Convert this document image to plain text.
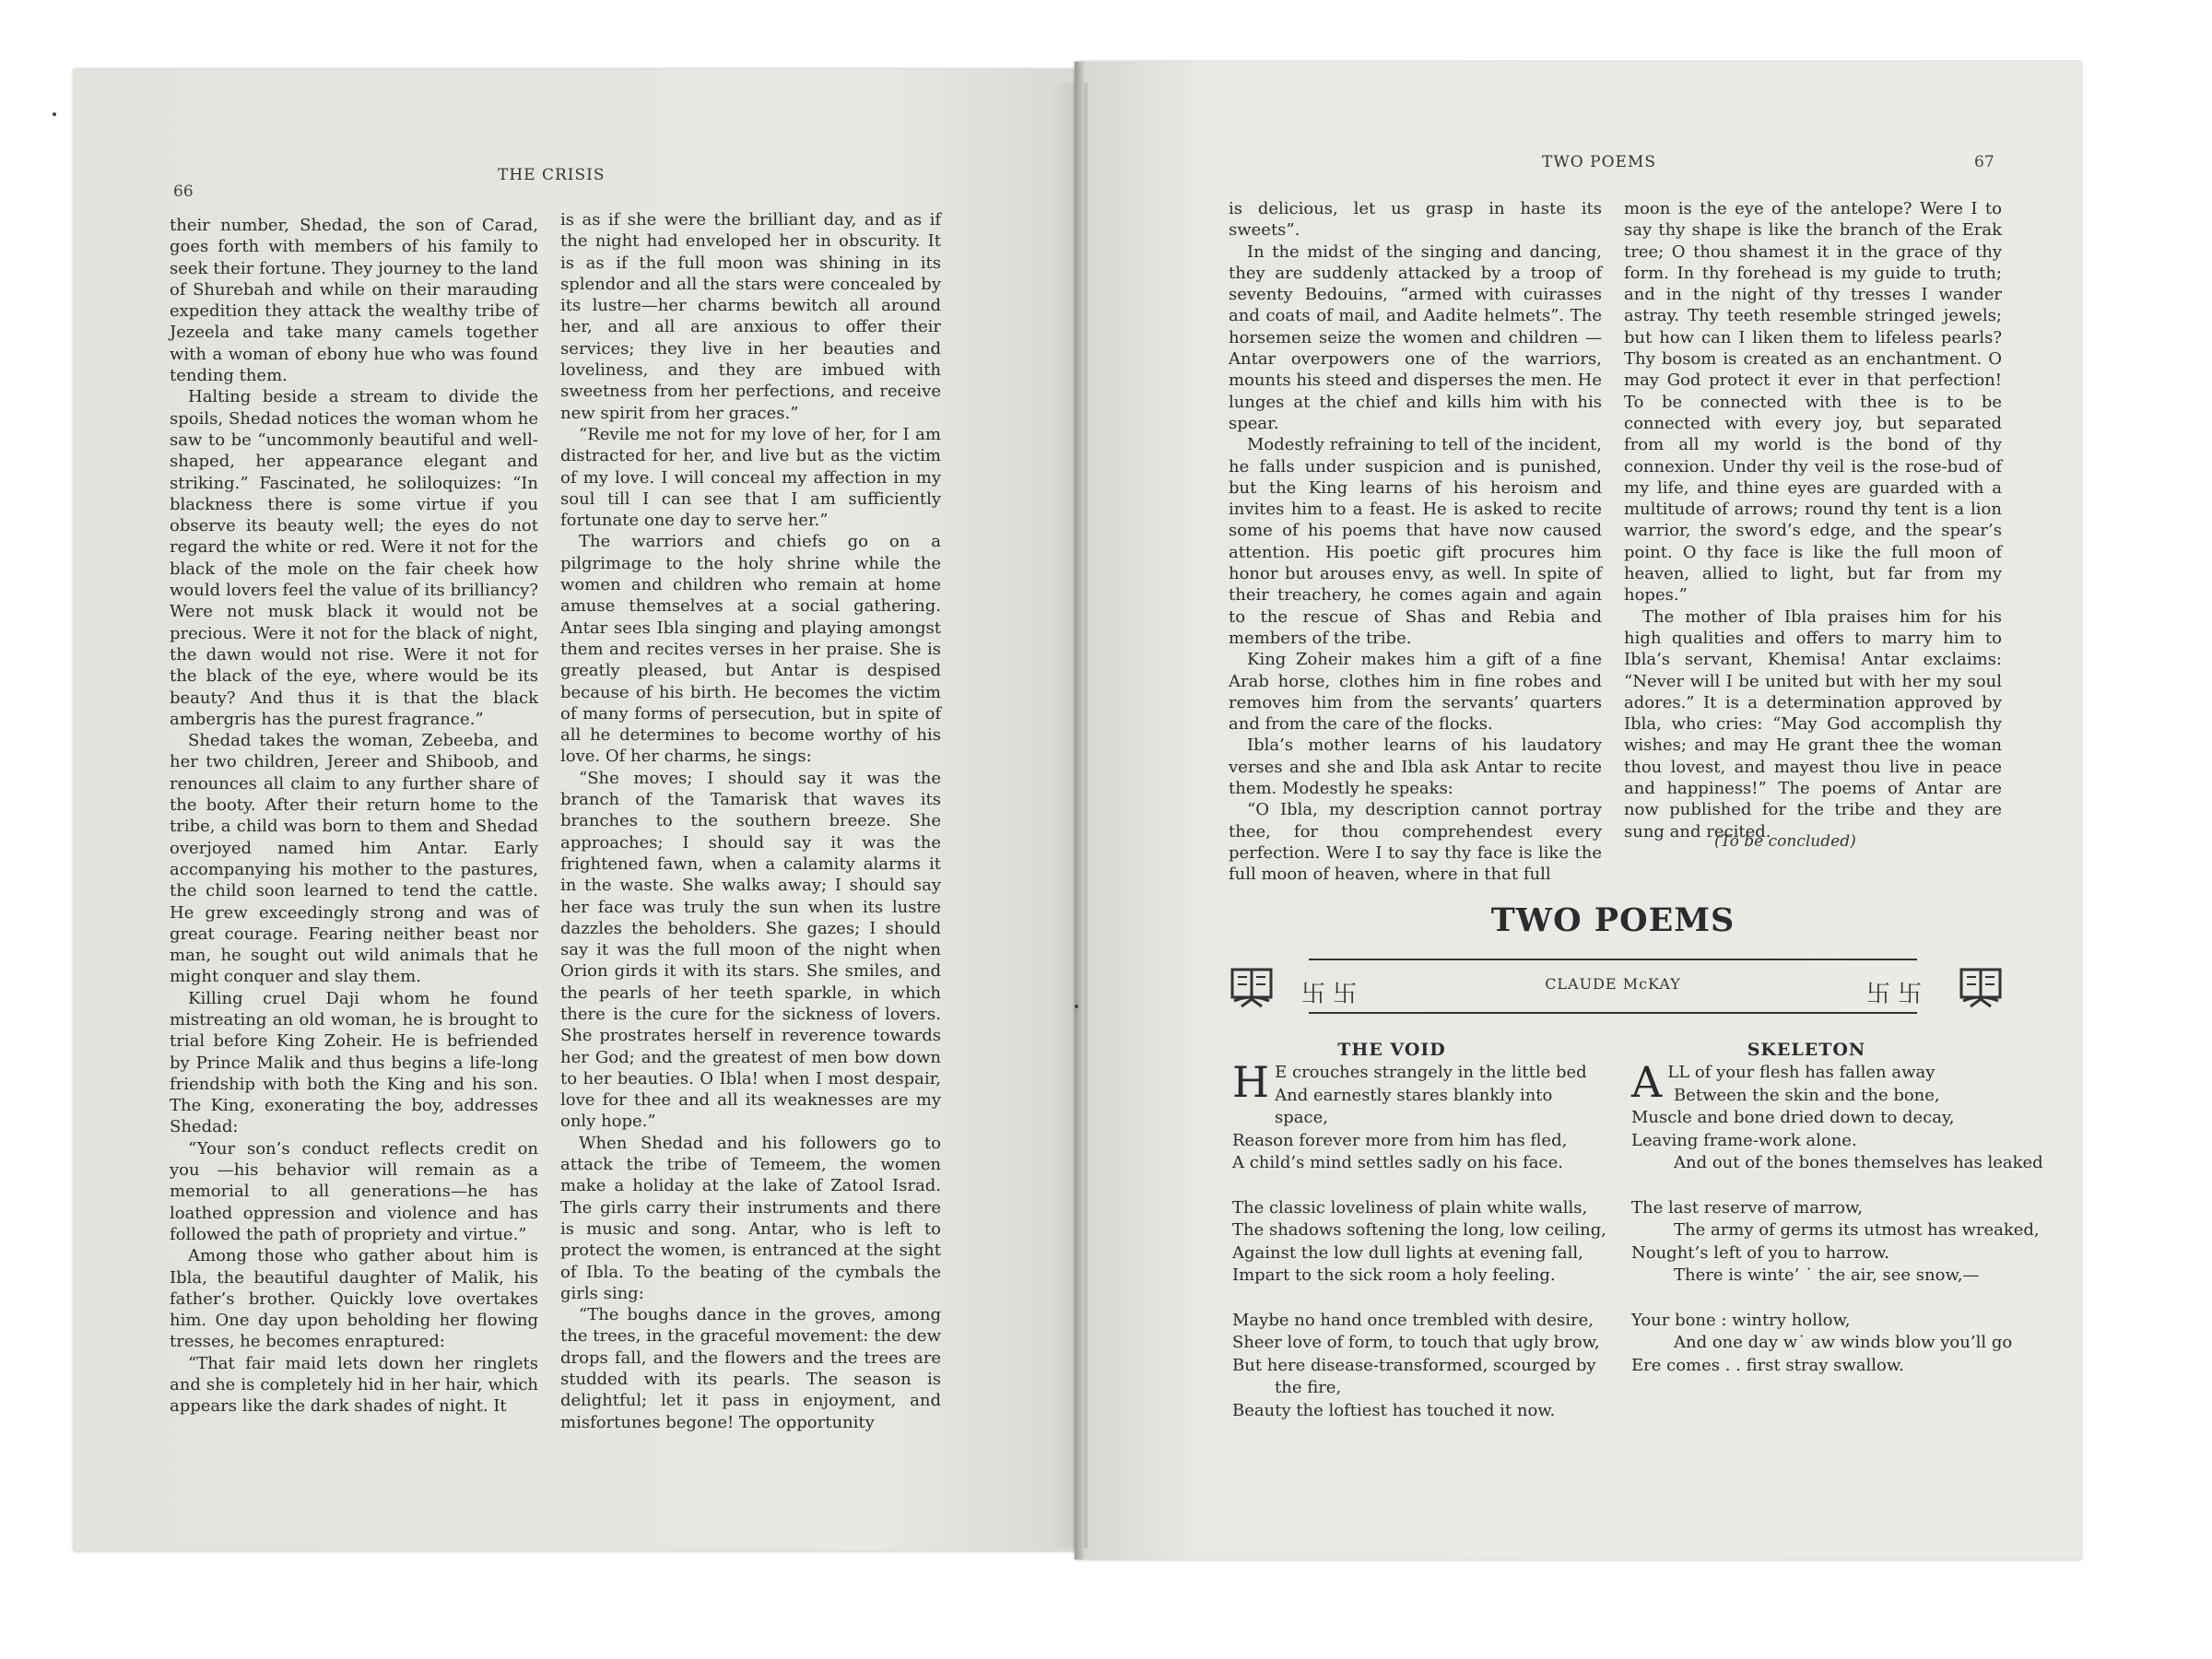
66
THE CRISIS

their number, Shedad, the son of Carad, goes forth with members of his family to seek their fortune. They journey to the land of Shurebah and while on their marauding expedition they attack the wealthy tribe of Jezeela and take many camels together with a woman of ebony hue who was found tending them.

Halting beside a stream to divide the spoils, Shedad notices the woman whom he saw to be “uncommonly beautiful and well-shaped, her appearance elegant and striking.” Fascinated, he soliloquizes: “In blackness there is some virtue if you observe its beauty well; the eyes do not regard the white or red. Were it not for the black of the mole on the fair cheek how would lovers feel the value of its brilliancy? Were not musk black it would not be precious. Were it not for the black of night, the dawn would not rise. Were it not for the black of the eye, where would be its beauty? And thus it is that the black ambergris has the purest fragrance.”

Shedad takes the woman, Zebeeba, and her two children, Jereer and Shiboob, and renounces all claim to any further share of the booty. After their return home to the tribe, a child was born to them and Shedad overjoyed named him Antar. Early accompanying his mother to the pastures, the child soon learned to tend the cattle. He grew exceedingly strong and was of great courage. Fearing neither beast nor man, he sought out wild animals that he might conquer and slay them.

Killing cruel Daji whom he found mistreating an old woman, he is brought to trial before King Zoheir. He is befriended by Prince Malik and thus begins a life-long friendship with both the King and his son. The King, exonerating the boy, addresses Shedad:

“Your son’s conduct reflects credit on you —his behavior will remain as a memorial to all generations—he has loathed oppression and violence and has followed the path of propriety and virtue.”

Among those who gather about him is Ibla, the beautiful daughter of Malik, his father’s brother. Quickly love overtakes him. One day upon beholding her flowing tresses, he becomes enraptured:

“That fair maid lets down her ringlets and she is completely hid in her hair, which appears like the dark shades of night. It

is as if she were the brilliant day, and as if the night had enveloped her in obscurity. It is as if the full moon was shining in its splendor and all the stars were concealed by its lustre—her charms bewitch all around her, and all are anxious to offer their services; they live in her beauties and loveliness, and they are imbued with sweetness from her perfections, and receive new spirit from her graces.”

“Revile me not for my love of her, for I am distracted for her, and live but as the victim of my love. I will conceal my affection in my soul till I can see that I am sufficiently fortunate one day to serve her.”

The warriors and chiefs go on a pilgrimage to the holy shrine while the women and children who remain at home amuse themselves at a social gathering. Antar sees Ibla singing and playing amongst them and recites verses in her praise. She is greatly pleased, but Antar is despised because of his birth. He becomes the victim of many forms of persecution, but in spite of all he determines to become worthy of his love. Of her charms, he sings:

“She moves; I should say it was the branch of the Tamarisk that waves its branches to the southern breeze. She approaches; I should say it was the frightened fawn, when a calamity alarms it in the waste. She walks away; I should say her face was truly the sun when its lustre dazzles the beholders. She gazes; I should say it was the full moon of the night when Orion girds it with its stars. She smiles, and the pearls of her teeth sparkle, in which there is the cure for the sickness of lovers. She prostrates herself in reverence towards her God; and the greatest of men bow down to her beauties. O Ibla! when I most despair, love for thee and all its weaknesses are my only hope.”

When Shedad and his followers go to attack the tribe of Temeem, the women make a holiday at the lake of Zatool Israd. The girls carry their instruments and there is music and song. Antar, who is left to protect the women, is entranced at the sight of Ibla. To the beating of the cymbals the girls sing:

“The boughs dance in the groves, among the trees, in the graceful movement: the dew drops fall, and the flowers and the trees are studded with its pearls. The season is delightful; let it pass in enjoyment, and misfortunes begone! The opportunity

TWO POEMS	67

is delicious, let us grasp in haste its sweets”.

In the midst of the singing and dancing, they are suddenly attacked by a troop of seventy Bedouins, “armed with cuirasses and coats of mail, and Aadite helmets”. The horsemen seize the women and children —Antar overpowers one of the warriors, mounts his steed and disperses the men. He lunges at the chief and kills him with his spear.

Modestly refraining to tell of the incident, he falls under suspicion and is punished, but the King learns of his heroism and invites him to a feast. He is asked to recite some of his poems that have now caused attention. His poetic gift procures him honor but arouses envy, as well. In spite of their treachery, he comes again and again to the rescue of Shas and Rebia and members of the tribe.

King Zoheir makes him a gift of a fine Arab horse, clothes him in fine robes and removes him from the servants’ quarters and from the care of the flocks.

Ibla’s mother learns of his laudatory verses and she and Ibla ask Antar to recite them. Modestly he speaks:

“O Ibla, my description cannot portray thee, for thou comprehendest every perfection. Were I to say thy face is like the full moon of heaven, where in that full

moon is the eye of the antelope? Were I to say thy shape is like the branch of the Erak tree; O thou shamest it in the grace of thy form. In thy forehead is my guide to truth; and in the night of thy tresses I wander astray. Thy teeth resemble stringed jewels; but how can I liken them to lifeless pearls? Thy bosom is created as an enchantment. O may God protect it ever in that perfection! To be connected with thee is to be connected with every joy, but separated from all my world is the bond of thy connexion. Under thy veil is the rose-bud of my life, and thine eyes are guarded with a multitude of arrows; round thy tent is a lion warrior, the sword’s edge, and the spear’s point. O thy face is like the full moon of heaven, allied to light, but far from my hopes.”

The mother of Ibla praises him for his high qualities and offers to marry him to Ibla’s servant, Khemisa! Antar exclaims: “Never will I be united but with her my soul adores.” It is a determination approved by Ibla, who cries: “May God accomplish thy wishes; and may He grant thee the woman thou lovest, and mayest thou live in peace and happiness!” The poems of Antar are now published for the tribe and they are sung and recited.

(To be concluded)
TWO POEMS
卐 卐	卐 卐
CLAUDE McKAY
THE VOID
H E crouches strangely in the little bed
And earnestly stares blankly into
space,
Reason forever more from him has fled,
A child’s mind settles sadly on his face.
The classic loveliness of plain white walls,
The shadows softening the long, low ceiling,
Against the low dull lights at evening fall,
Impart to the sick room a holy feeling.
Maybe no hand once trembled with desire,
Sheer love of form, to touch that ugly brow,
But here disease-transformed, scourged by
the fire,
Beauty the loftiest has touched it now.
SKELETON
ALL of your flesh has fallen away
Between the skin and the bone,
Muscle and bone dried down to decay,
Leaving frame-work alone.
And out of the bones themselves has leaked
The last reserve of marrow,
The army of germs its utmost has wreaked,
Nought’s left of you to harrow.
There is winte’ ˙ the air, see snow,—
Your bone : wintry hollow,
And one day w˙ aw winds blow you’ll go
Ere comes . . first stray swallow.
